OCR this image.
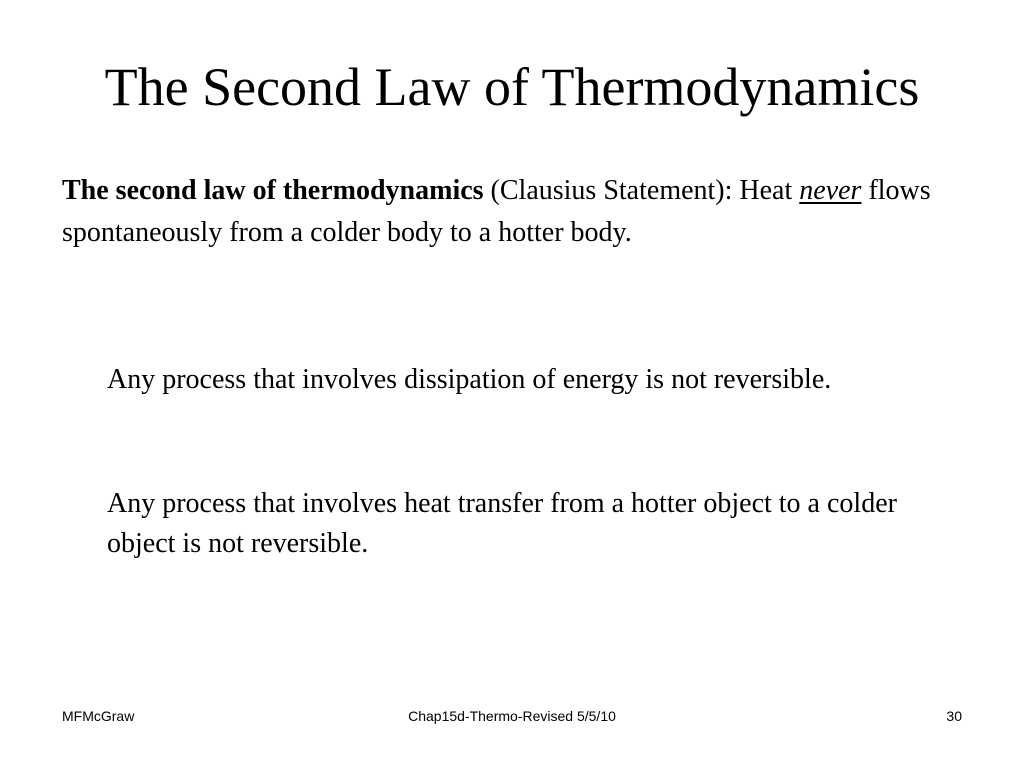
The Second Law of Thermodynamics

The second law of thermodynamics (Clausius Statement): Heat never flows spontaneously from a colder body to a hotter body.

Any process that involves dissipation of energy is not reversible.

Any process that involves heat transfer from a hotter object to a colder object is not reversible.

MFMcGraw	Chap15d-Thermo-Revised 5/5/10	30
